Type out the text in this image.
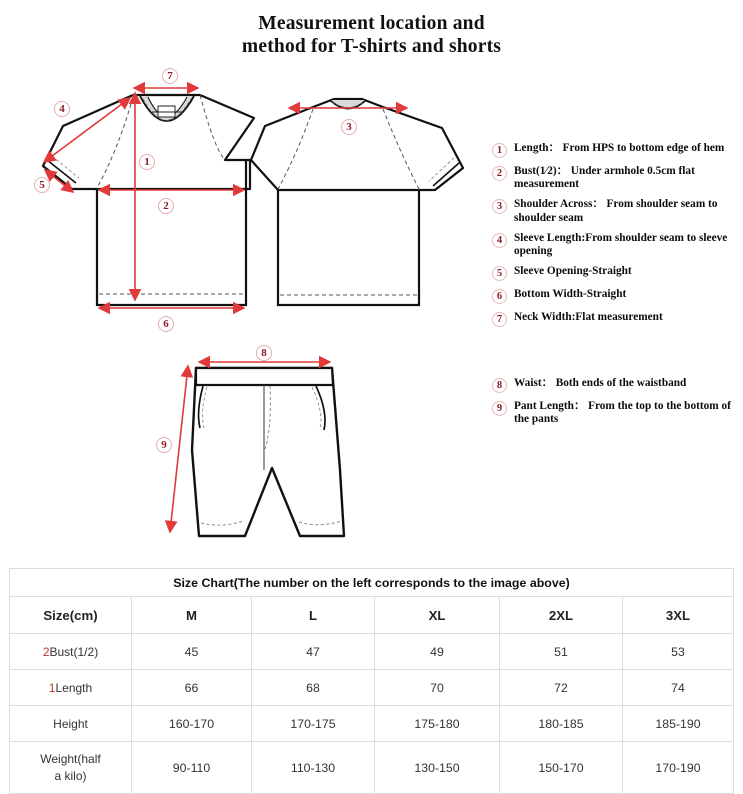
Measurement location and
method for T-shirts and shorts
7
4
1
5
2
6
3
8
9
1	Length： From HPS to bottom edge of hem
2	Bust(1⁄2)： Under armhole 0.5cm flat measurement
3	Shoulder Across： From shoulder seam to shoulder seam
4	Sleeve Length:From shoulder seam to sleeve opening
5	Sleeve Opening-Straight
6	Bottom Width-Straight
7	Neck Width:Flat measurement
8	Waist： Both ends of the waistband
9	Pant Length： From the top to the bottom of the pants
Size Chart(The number on the left corresponds to the image above)					
Size(cm)	M	L	XL	2XL	3XL
2Bust(1/2)	45	47	49	51	53
1Length	66	68	70	72	74
Height	160-170	170-175	175-180	180-185	185-190
Weight(half a kilo)	90-110	110-130	130-150	150-170	170-190
